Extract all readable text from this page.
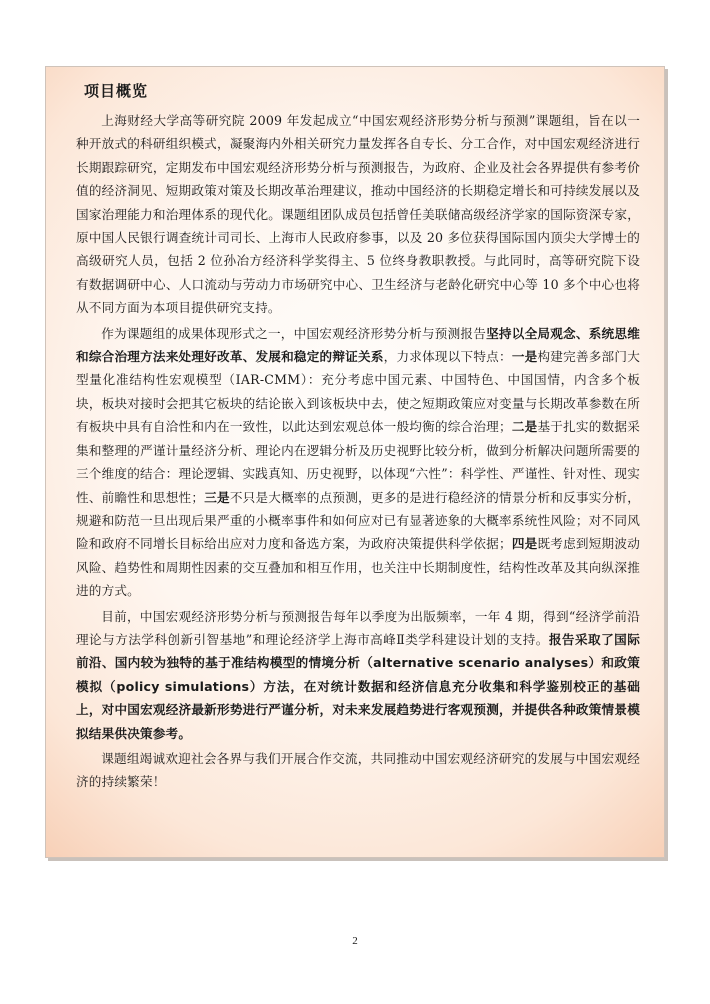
项目概览

上海财经大学高等研究院 2009 年发起成立“中国宏观经济形势分析与预测”课题组，旨在以一种开放式的科研组织模式，凝聚海内外相关研究力量发挥各自专长、分工合作，对中国宏观经济进行长期跟踪研究，定期发布中国宏观经济形势分析与预测报告，为政府、企业及社会各界提供有参考价值的经济洞见、短期政策对策及长期改革治理建议，推动中国经济的长期稳定增长和可持续发展以及国家治理能力和治理体系的现代化。课题组团队成员包括曾任美联储高级经济学家的国际资深专家，原中国人民银行调查统计司司长、上海市人民政府参事，以及 20 多位获得国际国内顶尖大学博士的高级研究人员，包括 2 位孙冶方经济科学奖得主、5 位终身教职教授。与此同时，高等研究院下设有数据调研中心、人口流动与劳动力市场研究中心、卫生经济与老龄化研究中心等 10 多个中心也将从不同方面为本项目提供研究支持。

作为课题组的成果体现形式之一，中国宏观经济形势分析与预测报告坚持以全局观念、系统思维和综合治理方法来处理好改革、发展和稳定的辩证关系，力求体现以下特点：一是构建完善多部门大型量化准结构性宏观模型（IAR-CMM）：充分考虑中国元素、中国特色、中国国情，内含多个板块，板块对接时会把其它板块的结论嵌入到该板块中去，使之短期政策应对变量与长期改革参数在所有板块中具有自洽性和内在一致性，以此达到宏观总体一般均衡的综合治理；二是基于扎实的数据采集和整理的严谨计量经济分析、理论内在逻辑分析及历史视野比较分析，做到分析解决问题所需要的三个维度的结合：理论逻辑、实践真知、历史视野，以体现“六性”：科学性、严谨性、针对性、现实性、前瞻性和思想性；三是不只是大概率的点预测，更多的是进行稳经济的情景分析和反事实分析，规避和防范一旦出现后果严重的小概率事件和如何应对已有显著迹象的大概率系统性风险；对不同风险和政府不同增长目标给出应对力度和备选方案，为政府决策提供科学依据；四是既考虑到短期波动风险、趋势性和周期性因素的交互叠加和相互作用，也关注中长期制度性，结构性改革及其向纵深推进的方式。

目前，中国宏观经济形势分析与预测报告每年以季度为出版频率，一年 4 期，得到“经济学前沿理论与方法学科创新引智基地”和理论经济学上海市高峰Ⅱ类学科建设计划的支持。报告采取了国际前沿、国内较为独特的基于准结构模型的情境分析（alternative scenario analyses）和政策模拟（policy simulations）方法，在对统计数据和经济信息充分收集和科学鉴别校正的基础上，对中国宏观经济最新形势进行严谨分析，对未来发展趋势进行客观预测，并提供各种政策情景模拟结果供决策参考。

课题组竭诚欢迎社会各界与我们开展合作交流，共同推动中国宏观经济研究的发展与中国宏观经济的持续繁荣！

2
